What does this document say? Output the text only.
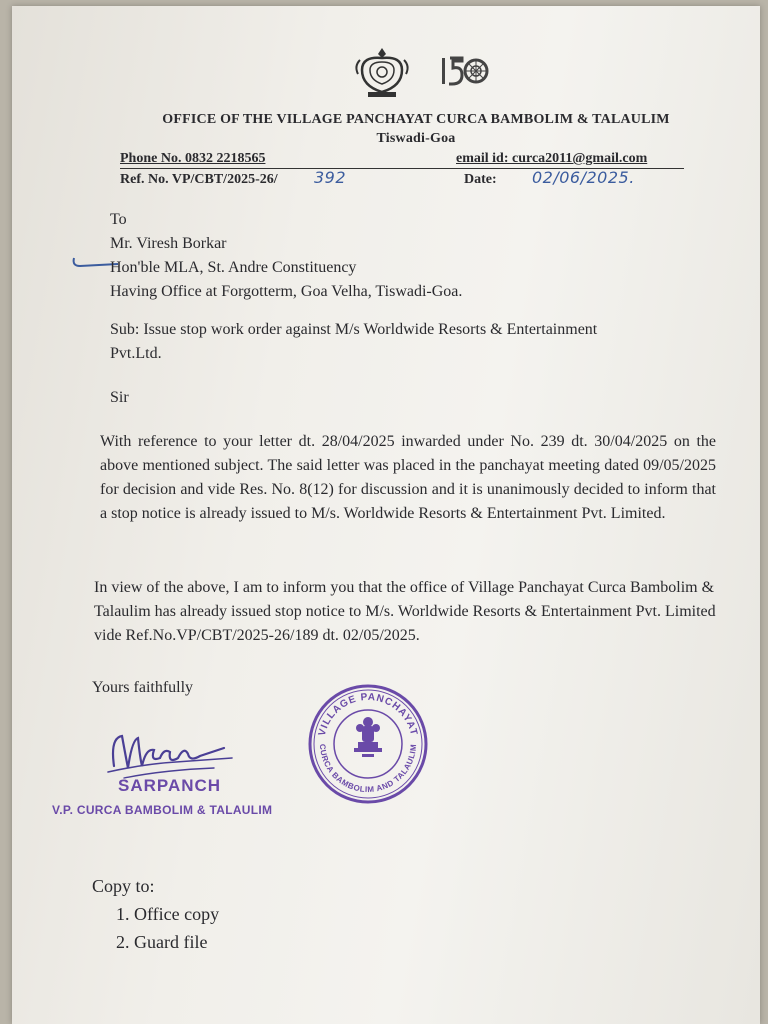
OFFICE OF THE VILLAGE PANCHAYAT CURCA BAMBOLIM & TALAULIM
Tiswadi-Goa
Phone No. 0832 2218565	email id: curca2011@gmail.com
Ref. No. VP/CBT/2025-26/ 392	Date: 02/06/2025.
To
Mr. Viresh Borkar
Hon'ble MLA, St. Andre Constituency
Having Office at Forgotterm, Goa Velha, Tiswadi-Goa.
Sub: Issue stop work order against M/s Worldwide Resorts & Entertainment
Pvt.Ltd.
Sir
With reference to your letter dt. 28/04/2025 inwarded under No. 239 dt. 30/04/2025 on the above mentioned subject. The said letter was placed in the panchayat meeting dated 09/05/2025 for decision and vide Res. No. 8(12) for discussion and it is unanimously decided to inform that a stop notice is already issued to M/s. Worldwide Resorts & Entertainment Pvt. Limited.
In view of the above, I am to inform you that the office of Village Panchayat Curca Bambolim & Talaulim has already issued stop notice to M/s. Worldwide Resorts & Entertainment Pvt. Limited vide Ref.No.VP/CBT/2025-26/189 dt. 02/05/2025.
Yours faithfully
SARPANCH
V.P. CURCA BAMBOLIM & TALAULIM
VILLAGE PANCHAYAT
CURCA BAMBOLIM AND TALAULIM
Copy to:
1. Office copy
2. Guard file
